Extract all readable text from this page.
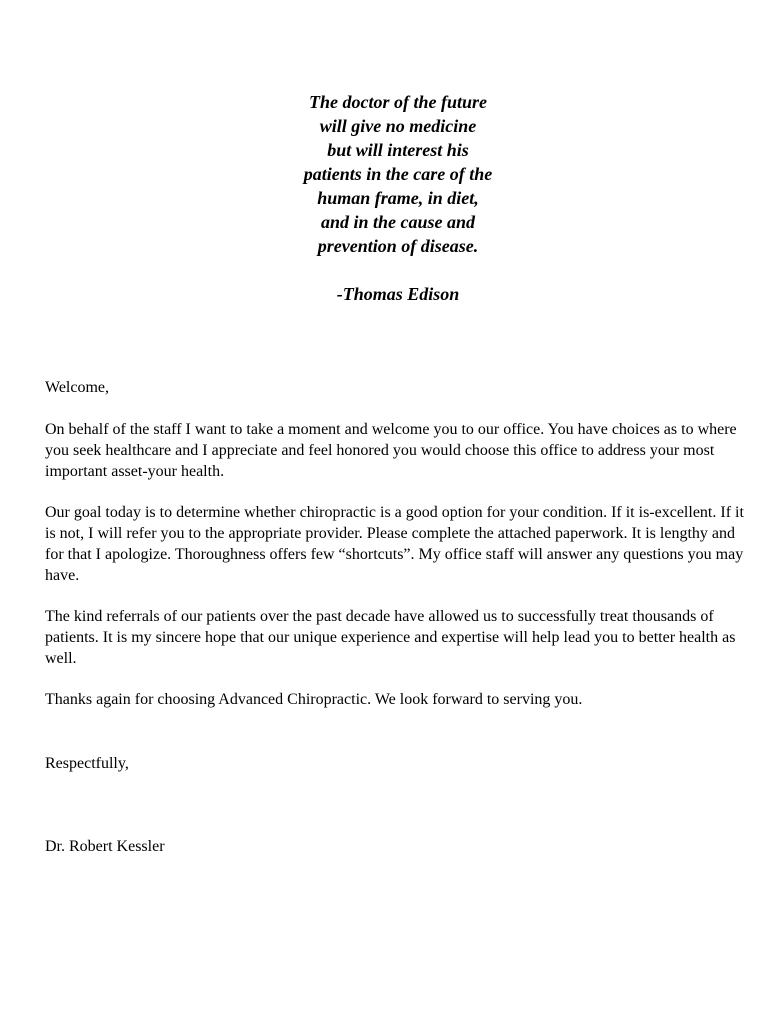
The doctor of the future
will give no medicine
but will interest his
patients in the care of the
human frame, in diet,
and in the cause and
prevention of disease.
-Thomas Edison

Welcome,

On behalf of the staff I want to take a moment and welcome you to our office. You have choices as to where you seek healthcare and I appreciate and feel honored you would choose this office to address your most important asset-your health.

Our goal today is to determine whether chiropractic is a good option for your condition. If it is-excellent. If it is not, I will refer you to the appropriate provider. Please complete the attached paperwork. It is lengthy and for that I apologize. Thoroughness offers few “shortcuts”. My office staff will answer any questions you may have.

The kind referrals of our patients over the past decade have allowed us to successfully treat thousands of patients. It is my sincere hope that our unique experience and expertise will help lead you to better health as well.

Thanks again for choosing Advanced Chiropractic. We look forward to serving you.

Respectfully,

Dr. Robert Kessler
